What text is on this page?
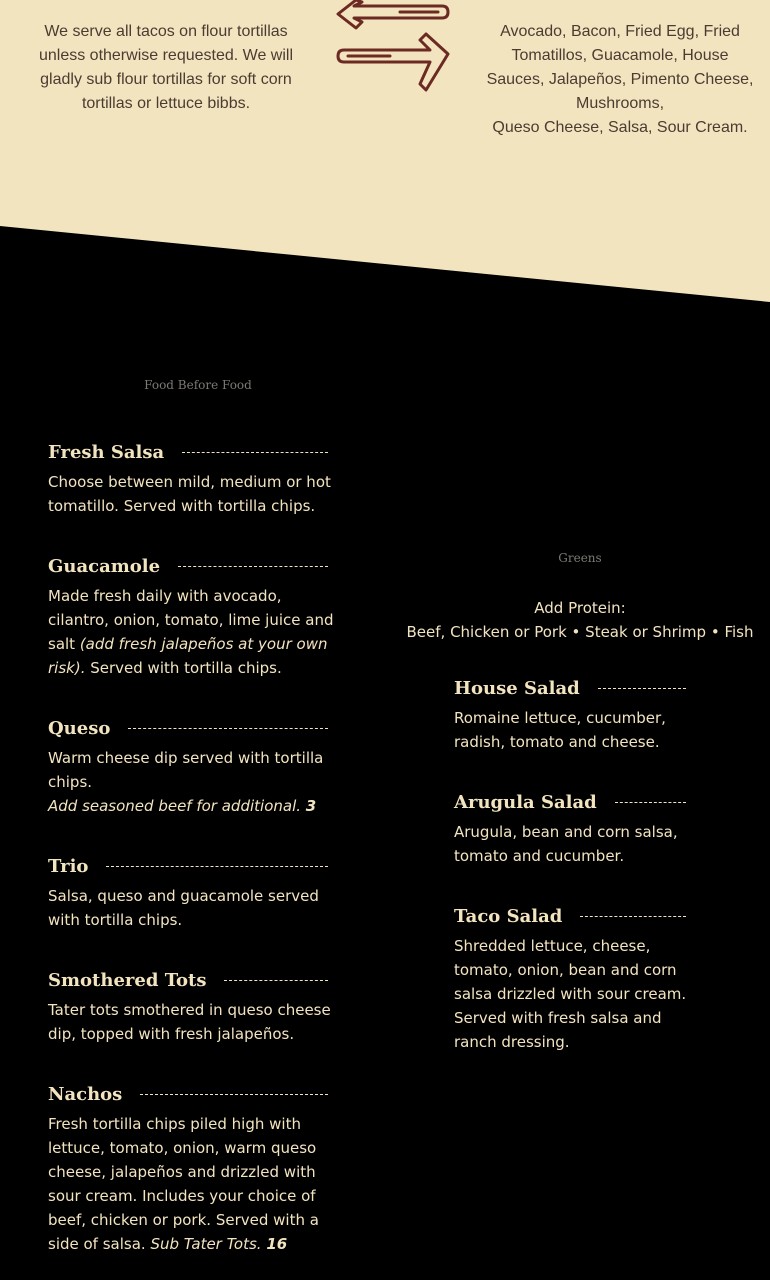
We serve all tacos on flour tortillas unless otherwise requested. We will gladly sub flour tortillas for soft corn tortillas or lettuce bibbs.

Avocado, Bacon, Fried Egg, Fried Tomatillos, Guacamole, House Sauces, Jalapeños, Pimento Cheese, Mushrooms,
Queso Cheese, Salsa, Sour Cream.
Food Before Food
Fresh Salsa

Choose between mild, medium or hot tomatillo. Served with tortilla chips.

Guacamole

Made fresh daily with avocado, cilantro, onion, tomato, lime juice and salt (add fresh jalapeños at your own risk). Served with tortilla chips.

Queso

Warm cheese dip served with tortilla chips.
Add seasoned beef for additional. 3

Trio

Salsa, queso and guacamole served with tortilla chips.

Smothered Tots

Tater tots smothered in queso cheese dip, topped with fresh jalapeños.

Nachos

Fresh tortilla chips piled high with lettuce, tomato, onion, warm queso cheese, jalapeños and drizzled with sour cream. Includes your choice of beef, chicken or pork. Served with a side of salsa. Sub Tater Tots. 16

Greens
Add Protein:
Beef, Chicken or Pork • Steak or Shrimp • Fish
House Salad

Romaine lettuce, cucumber, radish, tomato and cheese.

Arugula Salad

Arugula, bean and corn salsa, tomato and cucumber.

Taco Salad

Shredded lettuce, cheese, tomato, onion, bean and corn salsa drizzled with sour cream. Served with fresh salsa and ranch dressing.
